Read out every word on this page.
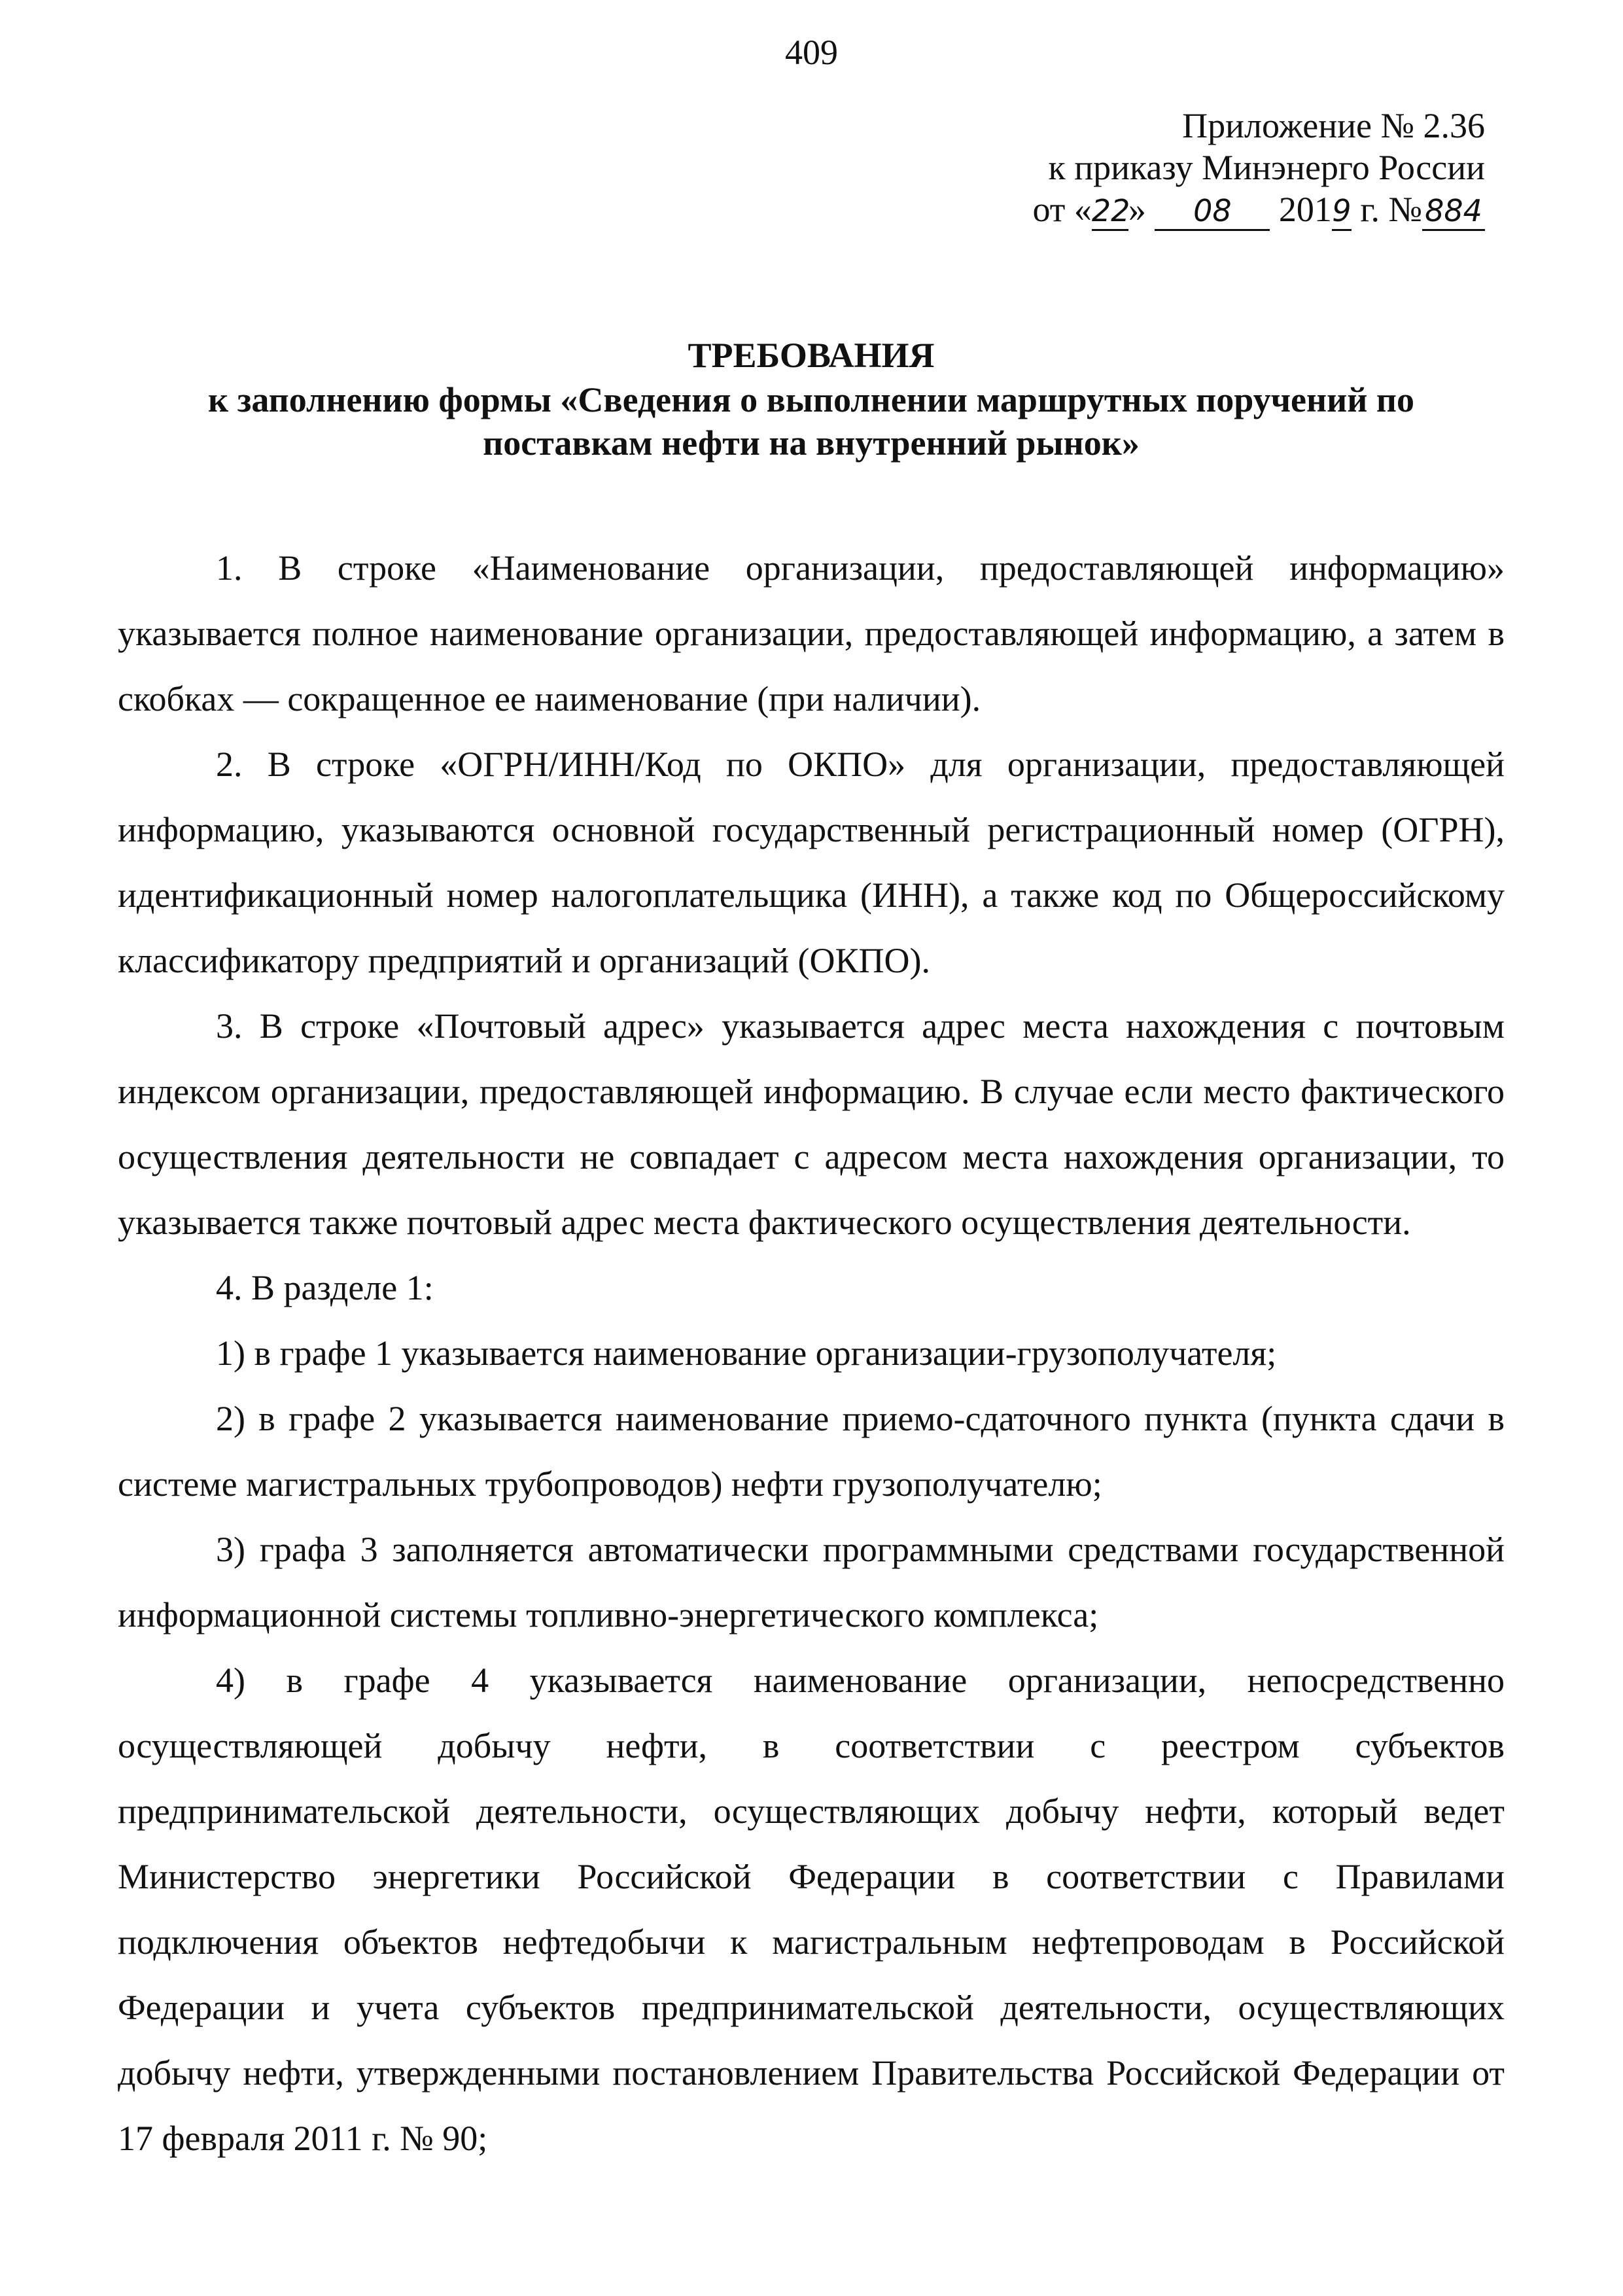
409
Приложение № 2.36
к приказу Минэнерго России
от «22» 08 2019 г. №884
ТРЕБОВАНИЯ
к заполнению формы «Сведения о выполнении маршрутных поручений по
поставкам нефти на внутренний рынок»

1. В строке «Наименование организации, предоставляющей информацию» указывается полное наименование организации, предоставляющей информацию, а затем в скобках — сокращенное ее наименование (при наличии).

2. В строке «ОГРН/ИНН/Код по ОКПО» для организации, предоставляющей информацию, указываются основной государственный регистрационный номер (ОГРН), идентификационный номер налогоплательщика (ИНН), а также код по Общероссийскому классификатору предприятий и организаций (ОКПО).

3. В строке «Почтовый адрес» указывается адрес места нахождения с почтовым индексом организации, предоставляющей информацию. В случае если место фактического осуществления деятельности не совпадает с адресом места нахождения организации, то указывается также почтовый адрес места фактического осуществления деятельности.

4. В разделе 1:

1) в графе 1 указывается наименование организации-грузополучателя;

2) в графе 2 указывается наименование приемо-сдаточного пункта (пункта сдачи в системе магистральных трубопроводов) нефти грузополучателю;

3) графа 3 заполняется автоматически программными средствами государственной информационной системы топливно-энергетического комплекса;

4) в графе 4 указывается наименование организации, непосредственно осуществляющей добычу нефти, в соответствии с реестром субъектов предпринимательской деятельности, осуществляющих добычу нефти, который ведет Министерство энергетики Российской Федерации в соответствии с Правилами подключения объектов нефтедобычи к магистральным нефтепроводам в Российской Федерации и учета субъектов предпринимательской деятельности, осуществляющих добычу нефти, утвержденными постановлением Правительства Российской Федерации от 17 февраля 2011 г. № 90;
